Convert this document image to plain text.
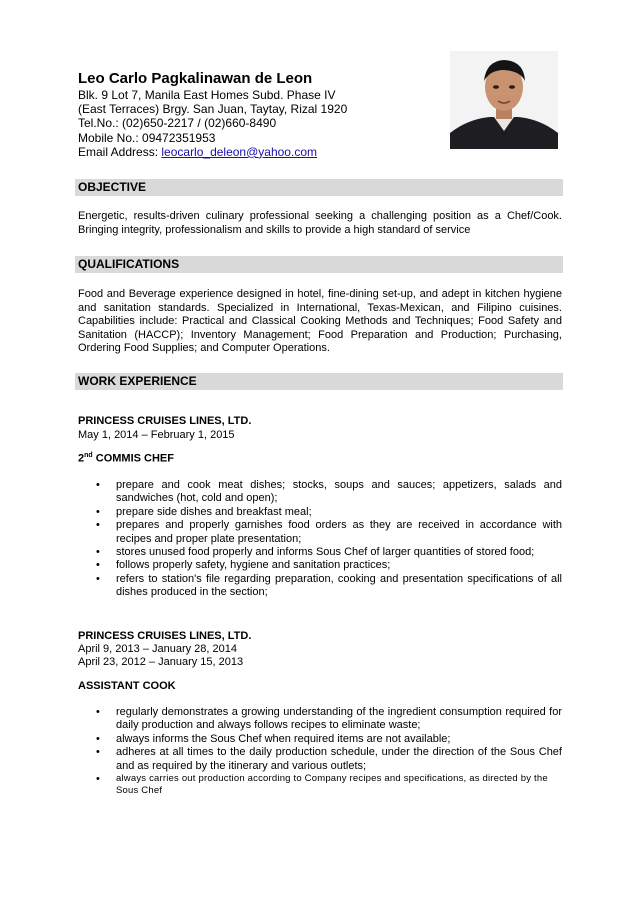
Leo Carlo Pagkalinawan de Leon
Blk. 9 Lot 7, Manila East Homes Subd. Phase IV
(East Terraces) Brgy. San Juan, Taytay, Rizal 1920
Tel.No.: (02)650-2217 / (02)660-8490
Mobile No.: 09472351953
Email Address: leocarlo_deleon@yahoo.com
OBJECTIVE
Energetic, results-driven culinary professional seeking a challenging position as a Chef/Cook. Bringing integrity, professionalism and skills to provide a high standard of service
QUALIFICATIONS
Food and Beverage experience designed in hotel, fine-dining set-up, and adept in kitchen hygiene and sanitation standards. Specialized in International, Texas-Mexican, and Filipino cuisines. Capabilities include: Practical and Classical Cooking Methods and Techniques; Food Safety and Sanitation (HACCP); Inventory Management; Food Preparation and Production; Purchasing, Ordering Food Supplies; and Computer Operations.
WORK EXPERIENCE
PRINCESS CRUISES LINES, LTD.
May 1, 2014 – February 1, 2015
2nd COMMIS CHEF
• prepare and cook meat dishes; stocks, soups and sauces; appetizers, salads and sandwiches (hot, cold and open);
• prepare side dishes and breakfast meal;
• prepares and properly garnishes food orders as they are received in accordance with recipes and proper plate presentation;
• stores unused food properly and informs Sous Chef of larger quantities of stored food;
• follows properly safety, hygiene and sanitation practices;
• refers to station's file regarding preparation, cooking and presentation specifications of all dishes produced in the section;
PRINCESS CRUISES LINES, LTD.
April 9, 2013 – January 28, 2014
April 23, 2012 – January 15, 2013
ASSISTANT COOK
• regularly demonstrates a growing understanding of the ingredient consumption required for daily production and always follows recipes to eliminate waste;
• always informs the Sous Chef when required items are not available;
• adheres at all times to the daily production schedule, under the direction of the Sous Chef and as required by the itinerary and various outlets;
• always carries out production according to Company recipes and specifications, as directed by the Sous Chef
